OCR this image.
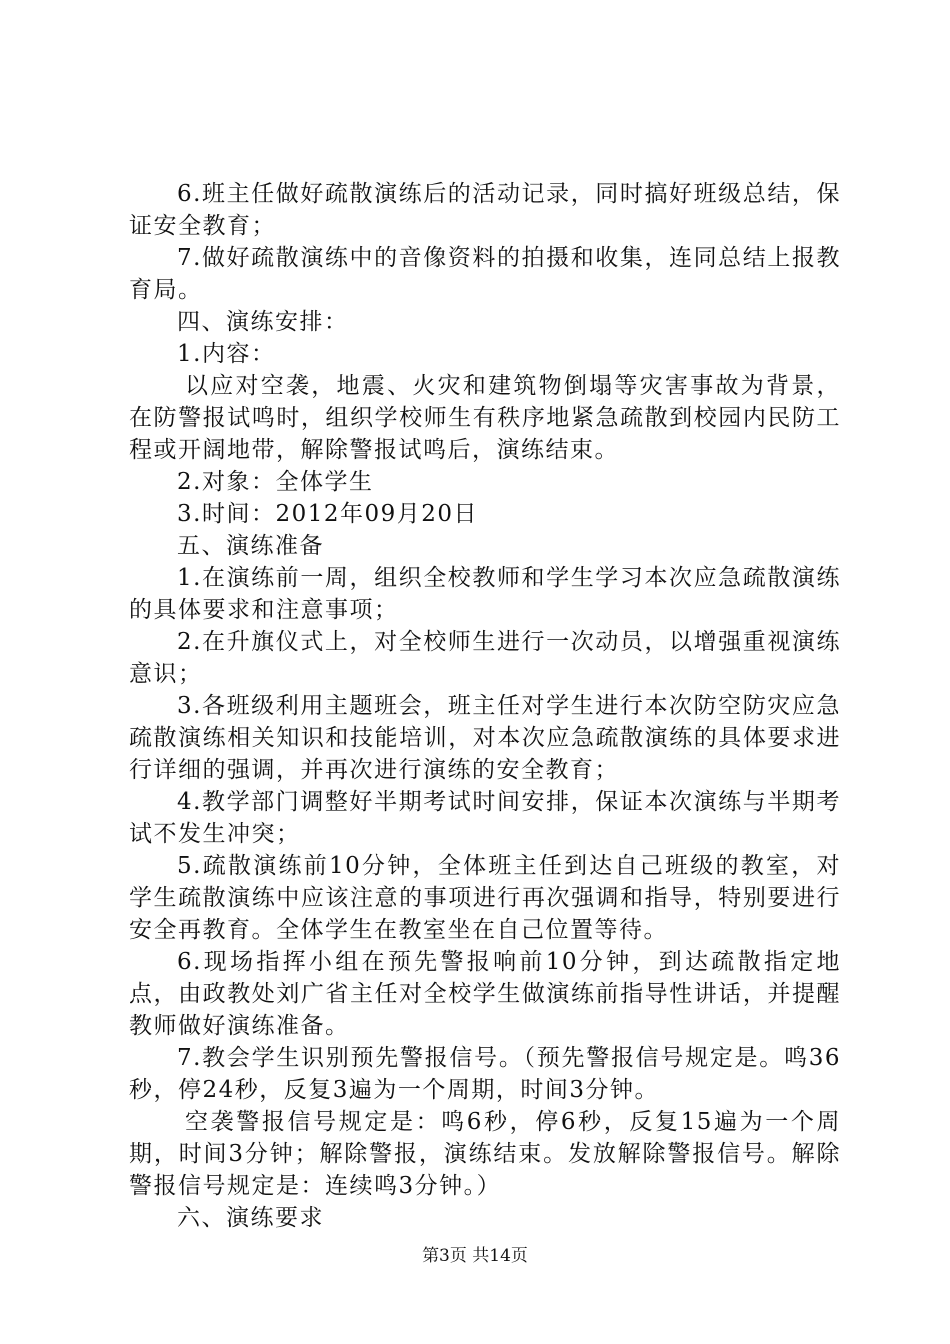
6.班主任做好疏散演练后的活动记录，同时搞好班级总结，保证安全教育；

7.做好疏散演练中的音像资料的拍摄和收集，连同总结上报教育局。

四、演练安排：

1.内容：

以应对空袭，地震、火灾和建筑物倒塌等灾害事故为背景，在防警报试鸣时，组织学校师生有秩序地紧急疏散到校园内民防工程或开阔地带，解除警报试鸣后，演练结束。

2.对象：全体学生

3.时间：2012年09月20日

五、演练准备

1.在演练前一周，组织全校教师和学生学习本次应急疏散演练的具体要求和注意事项；

2.在升旗仪式上，对全校师生进行一次动员，以增强重视演练意识；

3.各班级利用主题班会，班主任对学生进行本次防空防灾应急疏散演练相关知识和技能培训，对本次应急疏散演练的具体要求进行详细的强调，并再次进行演练的安全教育；

4.教学部门调整好半期考试时间安排，保证本次演练与半期考试不发生冲突；

5.疏散演练前10分钟，全体班主任到达自己班级的教室，对学生疏散演练中应该注意的事项进行再次强调和指导，特别要进行安全再教育。全体学生在教室坐在自己位置等待。

6.现场指挥小组在预先警报响前10分钟，到达疏散指定地点，由政教处刘广省主任对全校学生做演练前指导性讲话，并提醒教师做好演练准备。

7.教会学生识别预先警报信号。（预先警报信号规定是。鸣36秒，停24秒，反复3遍为一个周期，时间3分钟。

空袭警报信号规定是：鸣6秒，停6秒，反复15遍为一个周期，时间3分钟；解除警报，演练结束。发放解除警报信号。解除警报信号规定是：连续鸣3分钟。）

六、演练要求

第3页 共14页
